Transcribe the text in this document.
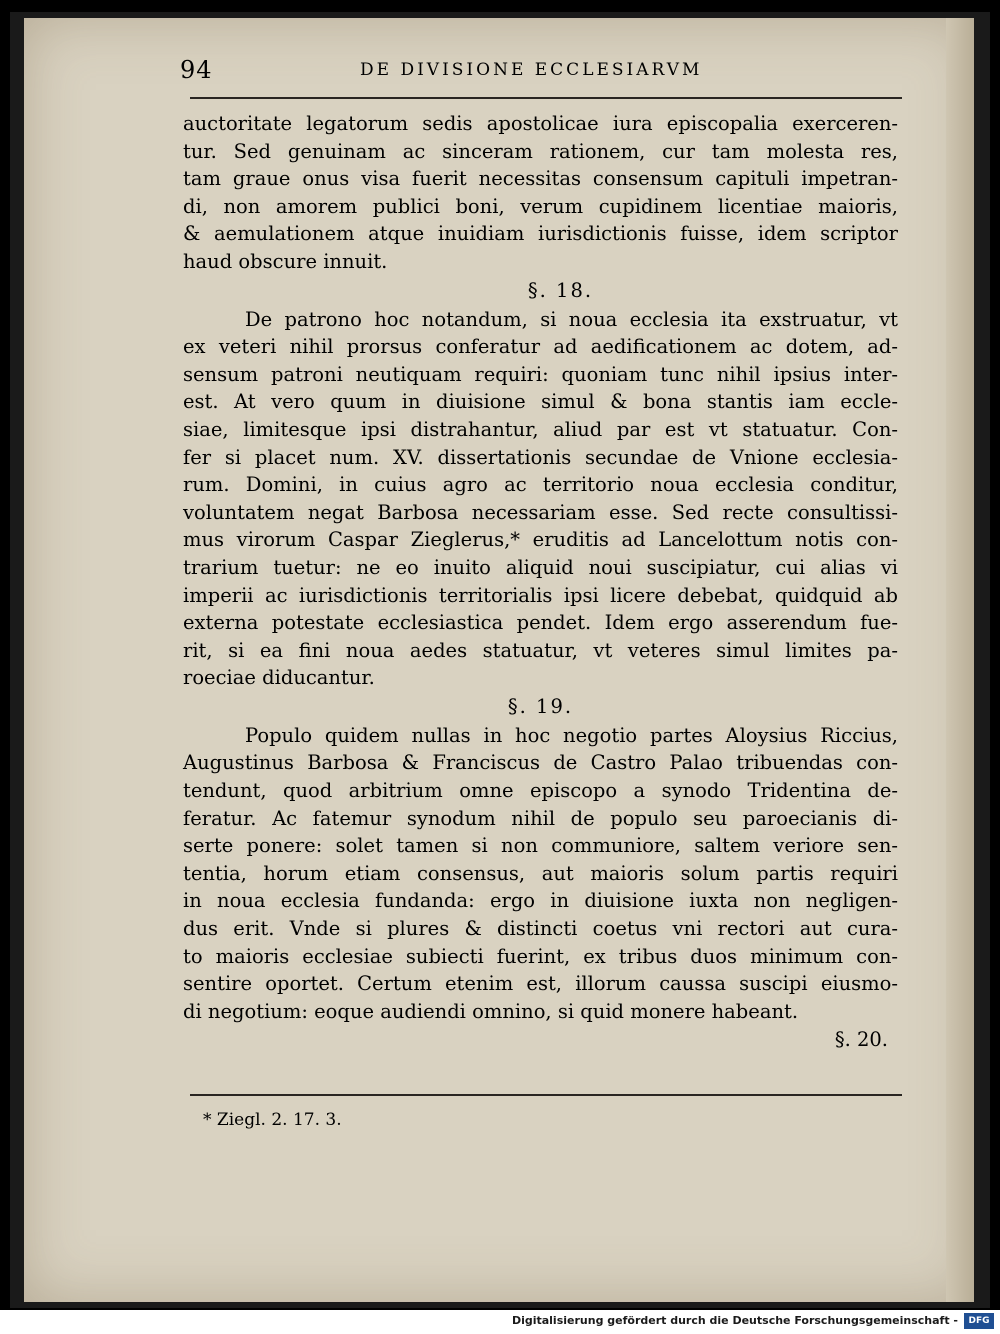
94	DE DIVISIONE ECCLESIARVM
auctoritate legatorum sedis apostolicae iura episcopalia exerceren-
tur. Sed genuinam ac sinceram rationem, cur tam molesta res,
tam graue onus visa fuerit necessitas consensum capituli impetran-
di, non amorem publici boni, verum cupidinem licentiae maioris,
& aemulationem atque inuidiam iurisdictionis fuisse, idem scriptor
haud obscure innuit.
§. 18.
De patrono hoc notandum, si noua ecclesia ita exstruatur, vt
ex veteri nihil prorsus conferatur ad aedificationem ac dotem, ad-
sensum patroni neutiquam requiri: quoniam tunc nihil ipsius inter-
est. At vero quum in diuisione simul & bona stantis iam eccle-
siae, limitesque ipsi distrahantur, aliud par est vt statuatur. Con-
fer si placet num. XV. dissertationis secundae de Vnione ecclesia-
rum. Domini, in cuius agro ac territorio noua ecclesia conditur,
voluntatem negat Barbosa necessariam esse. Sed recte consultissi-
mus virorum Caspar Zieglerus,* eruditis ad Lancelottum notis con-
trarium tuetur: ne eo inuito aliquid noui suscipiatur, cui alias vi
imperii ac iurisdictionis territorialis ipsi licere debebat, quidquid ab
externa potestate ecclesiastica pendet. Idem ergo asserendum fue-
rit, si ea fini noua aedes statuatur, vt veteres simul limites pa-
roeciae diducantur.
§. 19.
Populo quidem nullas in hoc negotio partes Aloysius Riccius,
Augustinus Barbosa & Franciscus de Castro Palao tribuendas con-
tendunt, quod arbitrium omne episcopo a synodo Tridentina de-
feratur. Ac fatemur synodum nihil de populo seu paroecianis di-
serte ponere: solet tamen si non communiore, saltem veriore sen-
tentia, horum etiam consensus, aut maioris solum partis requiri
in noua ecclesia fundanda: ergo in diuisione iuxta non negligen-
dus erit. Vnde si plures & distincti coetus vni rectori aut cura-
to maioris ecclesiae subiecti fuerint, ex tribus duos minimum con-
sentire oportet. Certum etenim est, illorum caussa suscipi eiusmo-
di negotium: eoque audiendi omnino, si quid monere habeant.
§. 20.
* Ziegl. 2. 17. 3.
Digitalisierung gefördert durch die Deutsche Forschungsgemeinschaft -	DFG
